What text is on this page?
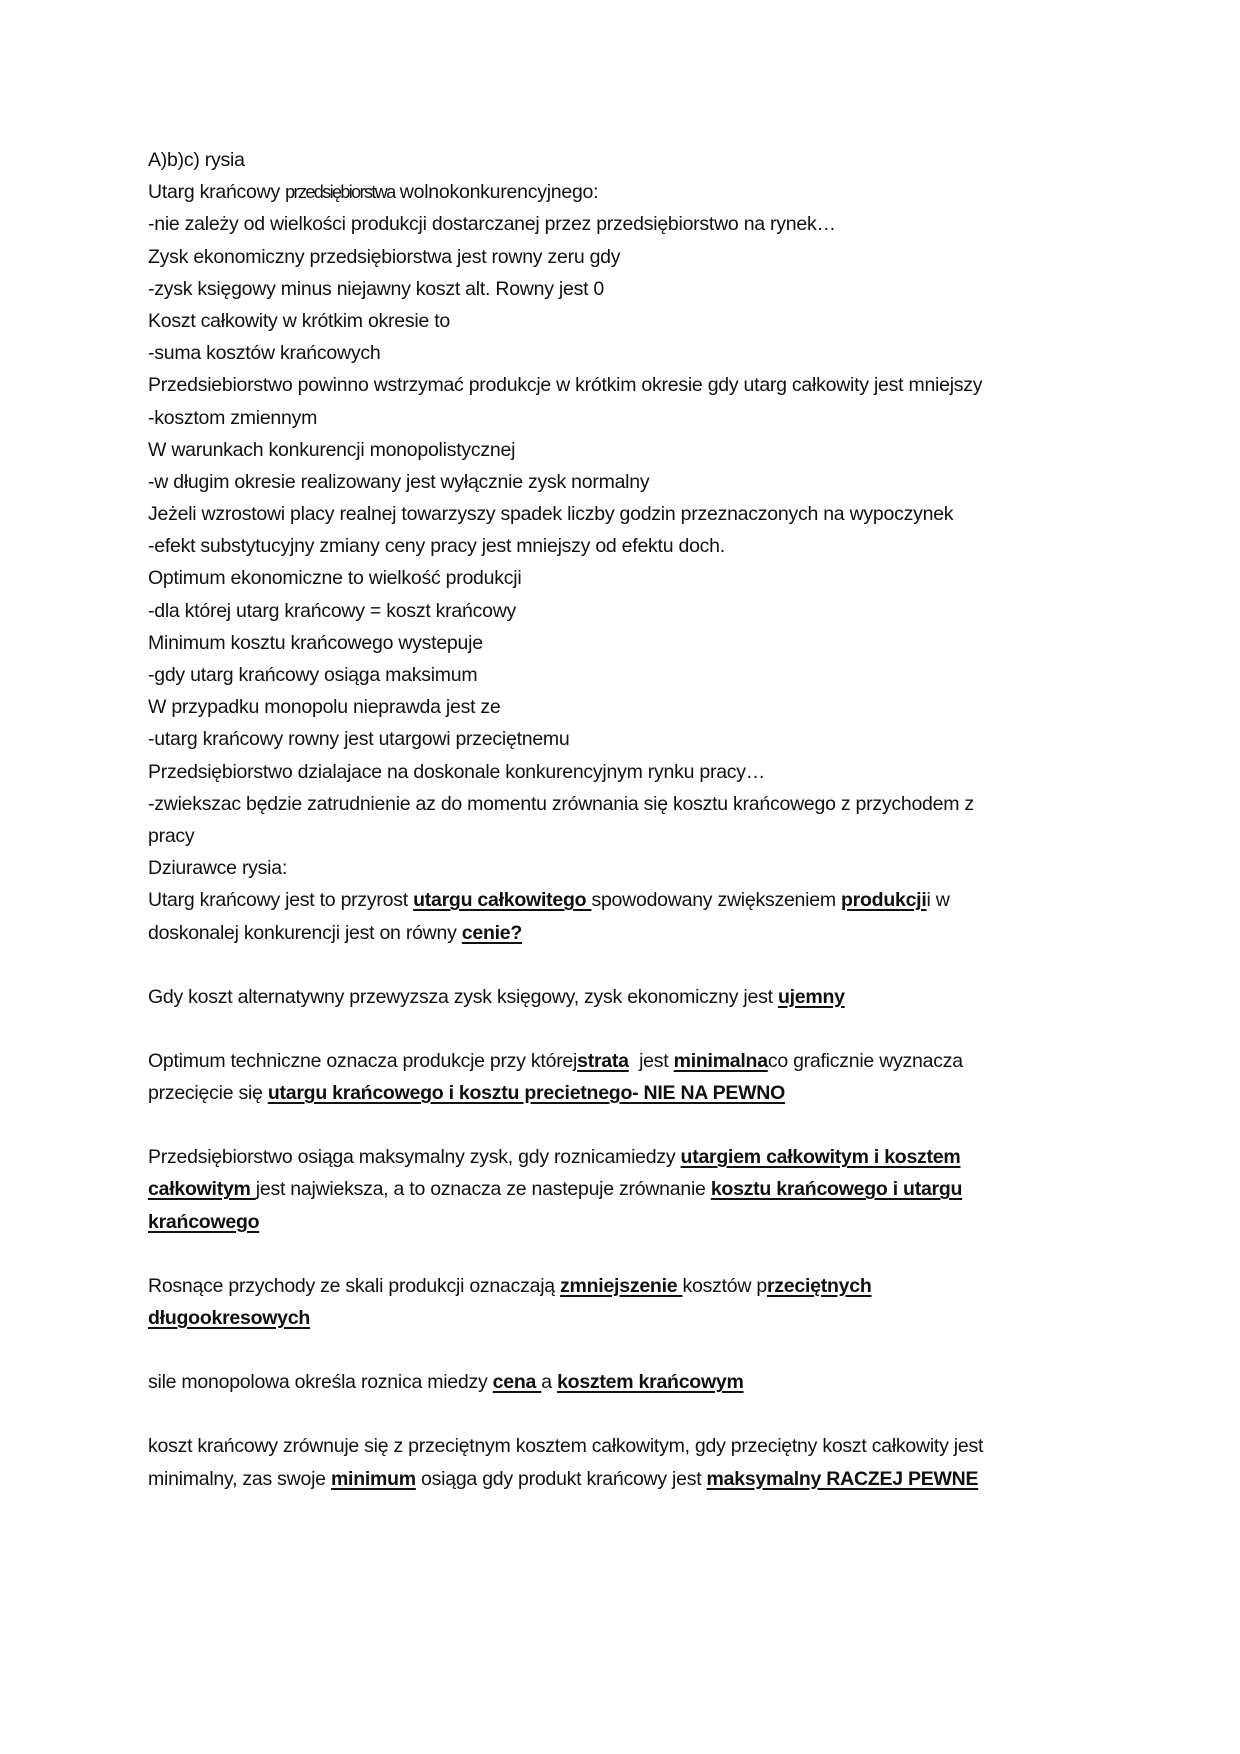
A)b)c) rysia
Utarg krańcowy przedsiębiorstwa wolnokonkurencyjnego:
-nie zależy od wielkości produkcji dostarczanej przez przedsiębiorstwo na rynek…
Zysk ekonomiczny przedsiębiorstwa jest rowny zeru gdy
-zysk księgowy minus niejawny koszt alt. Rowny jest 0
Koszt całkowity w krótkim okresie to
-suma kosztów krańcowych
Przedsiebiorstwo powinno wstrzymać produkcje w krótkim okresie gdy utarg całkowity jest mniejszy
-kosztom zmiennym
W warunkach konkurencji monopolistycznej
-w długim okresie realizowany jest wyłącznie zysk normalny
Jeżeli wzrostowi placy realnej towarzyszy spadek liczby godzin przeznaczonych na wypoczynek
-efekt substytucyjny zmiany ceny pracy jest mniejszy od efektu doch.
Optimum ekonomiczne to wielkość produkcji
-dla której utarg krańcowy = koszt krańcowy
Minimum kosztu krańcowego wystepuje
-gdy utarg krańcowy osiąga maksimum
W przypadku monopolu nieprawda jest ze
-utarg krańcowy rowny jest utargowi przeciętnemu
Przedsiębiorstwo dzialajace na doskonale konkurencyjnym rynku pracy…
-zwiekszac będzie zatrudnienie az do momentu zrównania się kosztu krańcowego z przychodem z
pracy
Dziurawce rysia:
Utarg krańcowy jest to przyrost utargu całkowitego spowodowany zwiększeniem produkcjii w
doskonalej konkurencji jest on równy cenie?
Gdy koszt alternatywny przewyzsza zysk księgowy, zysk ekonomiczny jest ujemny
Optimum techniczne oznacza produkcje przy którejstrata  jest minimalnaco graficznie wyznacza
przecięcie się utargu krańcowego i kosztu precietnego- NIE NA PEWNO
Przedsiębiorstwo osiąga maksymalny zysk, gdy roznicamiedzy utargiem całkowitym i kosztem
całkowitym jest najwieksza, a to oznacza ze nastepuje zrównanie kosztu krańcowego i utargu
krańcowego
Rosnące przychody ze skali produkcji oznaczają zmniejszenie kosztów przeciętnych
długookresowych
sile monopolowa określa roznica miedzy cena a kosztem krańcowym
koszt krańcowy zrównuje się z przeciętnym kosztem całkowitym, gdy przeciętny koszt całkowity jest
minimalny, zas swoje minimum osiąga gdy produkt krańcowy jest maksymalny RACZEJ PEWNE
